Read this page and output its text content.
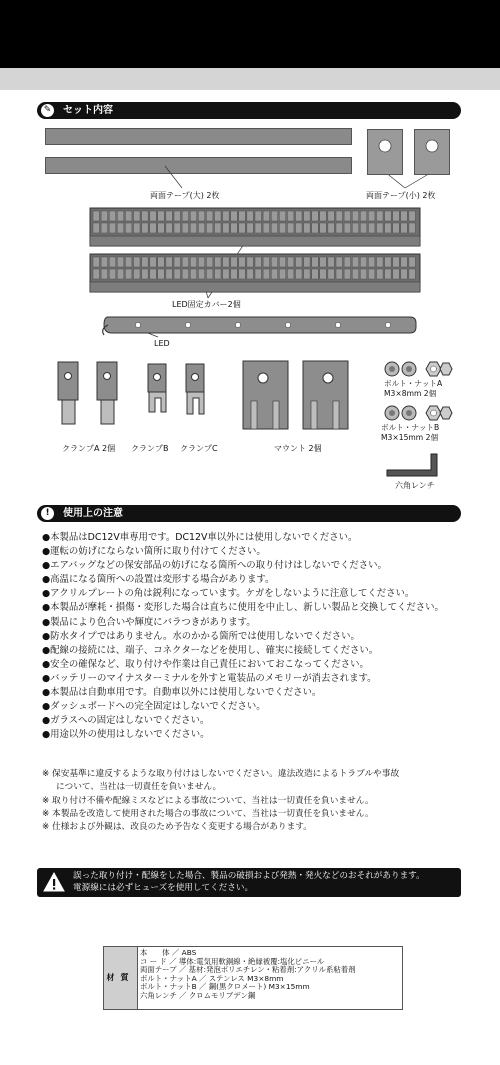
✎ セット内容
両面テープ(大) 2枚	両面テープ(小) 2枚
LED固定カバー2個
LED
クランプA 2個 クランプB クランプC	マウント 2個
ボルト・ナットA
M3×8mm 2個
ボルト・ナットB
M3×15mm 2個
六角レンチ
!	使用上の注意
●本製品はDC12V車専用です。DC12V車以外には使用しないでください。
●運転の妨げにならない箇所に取り付けてください。
●エアバッグなどの保安部品の妨げになる箇所への取り付けはしないでください。
●高温になる箇所への設置は変形する場合があります。
●アクリルプレートの角は鋭利になっています。ケガをしないように注意してください。
●本製品が摩耗・損傷・変形した場合は直ちに使用を中止し、新しい製品と交換してください。
●製品により色合いや輝度にバラつきがあります。
●防水タイプではありません。水のかかる箇所では使用しないでください。
●配線の接続には、端子、コネクターなどを使用し、確実に接続してください。
●安全の確保など、取り付けや作業は自己責任においておこなってください。
●バッテリーのマイナスターミナルを外すと電装品のメモリーが消去されます。
●本製品は自動車用です。自動車以外には使用しないでください。
●ダッシュボードへの完全固定はしないでください。
●ガラスへの固定はしないでください。
●用途以外の使用はしないでください。
※ 保安基準に違反するような取り付けはしないでください。違法改造によるトラブルや事故
について、当社は一切責任を負いません。
※ 取り付け不備や配線ミスなどによる事故について、当社は一切責任を負いません。
※ 本製品を改造して使用された場合の事故について、当社は一切責任を負いません。
※ 仕様および外観は、改良のため予告なく変更する場合があります。
誤った取り付け・配線をした場合、製品の破損および発熱・発火などのおそれがあります。
電源線には必ずヒューズを使用してください。
材質
本　　体 ／ ABS
コ ー ド ／ 導体:電気用軟銅線・絶縁被覆:塩化ビニール
両面テープ ／ 基材:発泡ポリエチレン・粘着剤:アクリル系粘着剤
ボルト・ナットA ／ ステンレス M3×8mm
ボルト・ナットB ／ 鋼(黒クロメート) M3×15mm
六角レンチ ／ クロムモリブデン鋼
